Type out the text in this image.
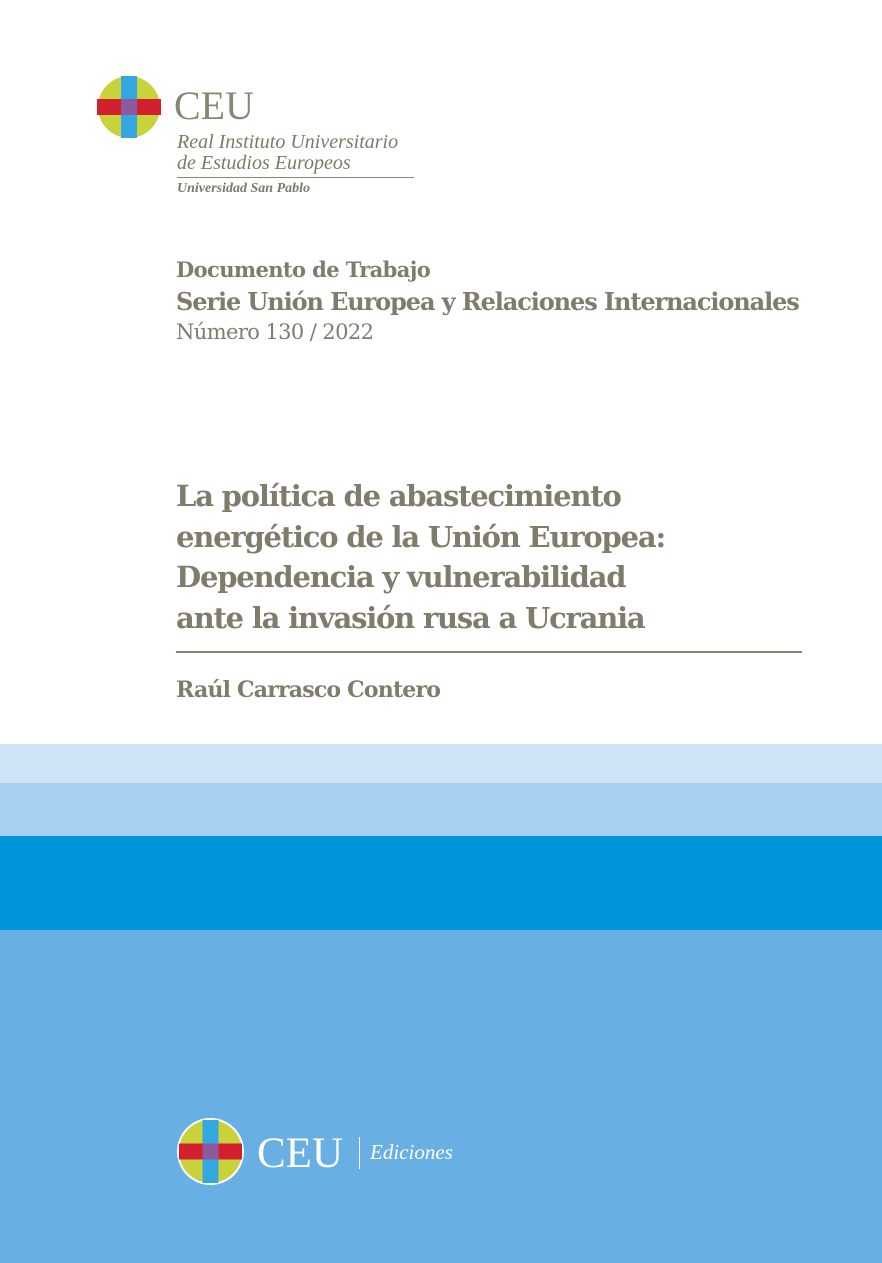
CEU
Real Instituto Universitario
de Estudios Europeos
Universidad San Pablo
Documento de Trabajo
Serie Unión Europea y Relaciones Internacionales
Número 130 / 2022
La política de abastecimiento
energético de la Unión Europea:
Dependencia y vulnerabilidad
ante la invasión rusa a Ucrania
Raúl Carrasco Contero
CEU Ediciones
